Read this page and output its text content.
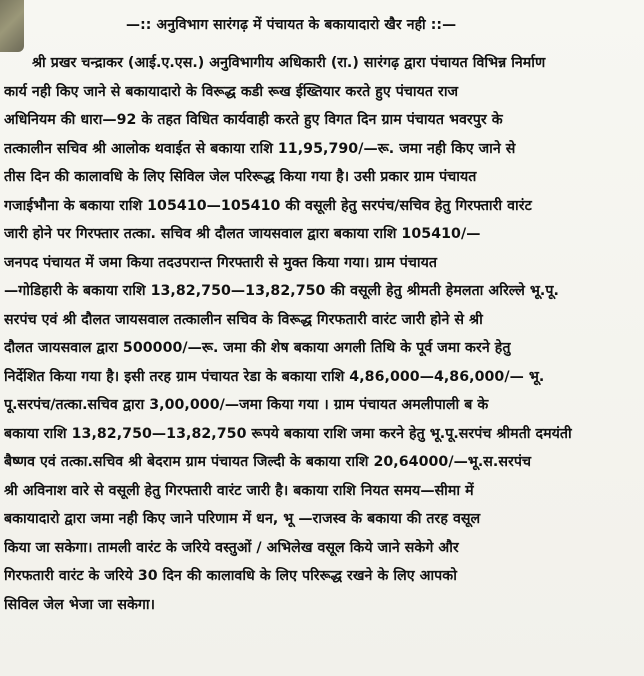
—:: अनुविभाग सारंगढ़ में पंचायत के बकायादारो खैर नही ::—
श्री प्रखर चन्द्राकर (आई.ए.एस.) अनुविभागीय अधिकारी (रा.) सारंगढ़ द्वारा पंचायत विभिन्न निर्माण
कार्य नही किए जाने से बकायादारो के विरूद्ध कडी रूख ईख्तियार करते हुए पंचायत राज
अधिनियम की धारा—92 के तहत विधित कार्यवाही करते हुए विगत दिन ग्राम पंचायत भवरपुर के
तत्कालीन सचिव श्री आलोक थवाईत से बकाया राशि 11,95,790/—रू. जमा नही किए जाने से
तीस दिन की कालावधि के लिए सिविल जेल परिरूद्ध किया गया है। उसी प्रकार ग्राम पंचायत
गजाईभौना के बकाया राशि 105410—105410 की वसूली हेतु सरपंच/सचिव हेतु गिरफ्तारी वारंट
जारी होने पर गिरफ्तार तत्का. सचिव श्री दौलत जायसवाल द्वारा बकाया राशि 105410/—
जनपद पंचायत में जमा किया तदउपरान्त गिरफ्तारी से मुक्त किया गया। ग्राम पंचायत
—गोडिहारी के बकाया राशि 13,82,750—13,82,750 की वसूली हेतु श्रीमती हेमलता अरिल्ले भू.पू.
सरपंच एवं श्री दौलत जायसवाल तत्कालीन सचिव के विरूद्ध गिरफतारी वारंट जारी होने से श्री
दौलत जायसवाल द्वारा 500000/—रू. जमा की शेष बकाया अगली तिथि के पूर्व जमा करने हेतु
निर्देशित किया गया है। इसी तरह ग्राम पंचायत रेडा के बकाया राशि 4,86,000—4,86,000/— भू.
पू.सरपंच/तत्का.सचिव द्वारा 3,00,000/—जमा किया गया । ग्राम पंचायत अमलीपाली ब के
बकाया राशि 13,82,750—13,82,750 रूपये बकाया राशि जमा करने हेतु भू.पू.सरपंच श्रीमती दमयंती
बैष्णव एवं तत्का.सचिव श्री बेदराम ग्राम पंचायत जिल्दी के बकाया राशि 20,64000/—भू.स.सरपंच
श्री अविनाश वारे से वसूली हेतु गिरफ्तारी वारंट जारी है। बकाया राशि नियत समय—सीमा में
बकायादारो द्वारा जमा नही किए जाने परिणाम में धन, भू —राजस्व के बकाया की तरह वसूल
किया जा सकेगा। तामली वारंट के जरिये वस्तुओं / अभिलेख वसूल किये जाने सकेगे और
गिरफतारी वारंट के जरिये 30 दिन की कालावधि के लिए परिरूद्ध रखने के लिए आपको
सिविल जेल भेजा जा सकेगा।
